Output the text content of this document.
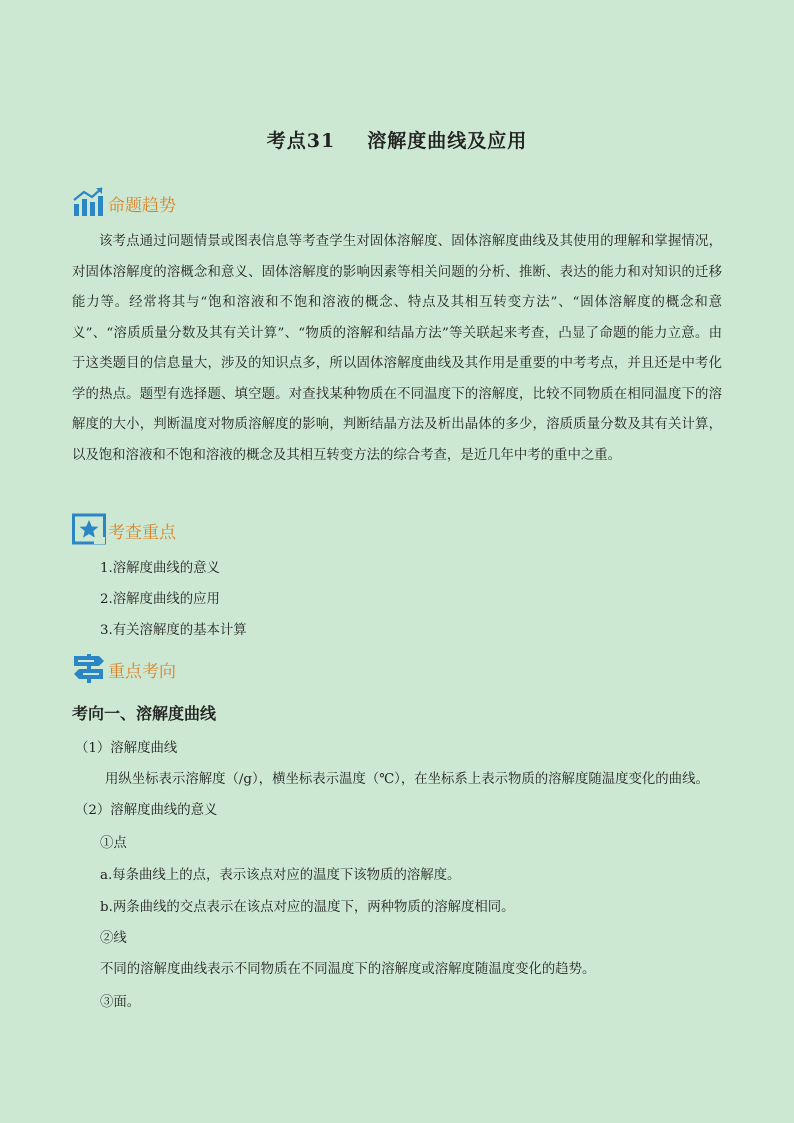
考点31 溶解度曲线及应用
命题趋势
该考点通过问题情景或图表信息等考查学生对固体溶解度、固体溶解度曲线及其使用的理解和掌握情况，对固体溶解度的溶概念和意义、固体溶解度的影响因素等相关问题的分析、推断、表达的能力和对知识的迁移能力等。经常将其与“饱和溶液和不饱和溶液的概念、特点及其相互转变方法”、“固体溶解度的概念和意义”、“溶质质量分数及其有关计算”、“物质的溶解和结晶方法”等关联起来考查，凸显了命题的能力立意。由于这类题目的信息量大，涉及的知识点多，所以固体溶解度曲线及其作用是重要的中考考点，并且还是中考化学的热点。题型有选择题、填空题。对查找某种物质在不同温度下的溶解度，比较不同物质在相同温度下的溶解度的大小，判断温度对物质溶解度的影响，判断结晶方法及析出晶体的多少，溶质质量分数及其有关计算，以及饱和溶液和不饱和溶液的概念及其相互转变方法的综合考查，是近几年中考的重中之重。
考查重点
1.溶解度曲线的意义
2.溶解度曲线的应用
3.有关溶解度的基本计算
重点考向
考向一、溶解度曲线
（1）溶解度曲线
用纵坐标表示溶解度（/g），横坐标表示温度（℃），在坐标系上表示物质的溶解度随温度变化的曲线。
（2）溶解度曲线的意义
①点
a.每条曲线上的点，表示该点对应的温度下该物质的溶解度。
b.两条曲线的交点表示在该点对应的温度下，两种物质的溶解度相同。
②线
不同的溶解度曲线表示不同物质在不同温度下的溶解度或溶解度随温度变化的趋势。
③面。
